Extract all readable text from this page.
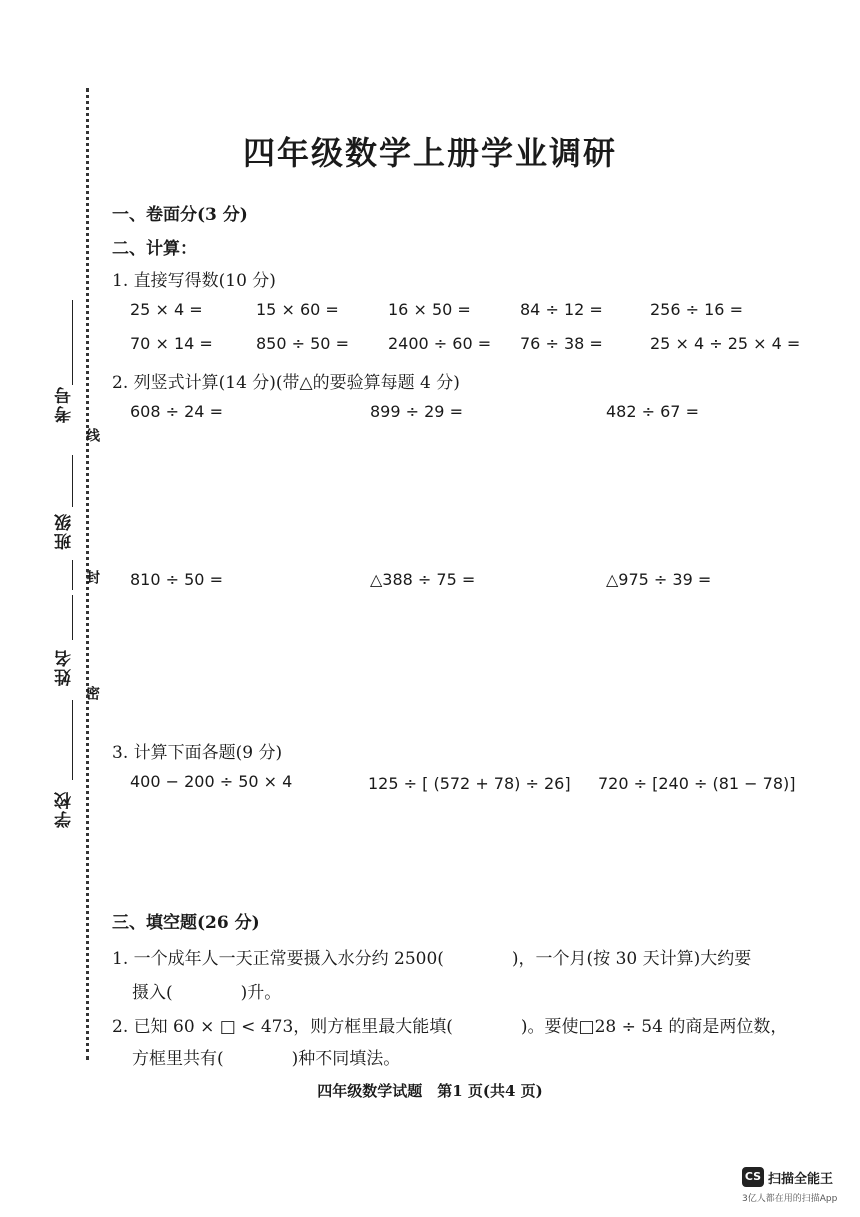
考号
线
班级
封
姓名
密
学校
四年级数学上册学业调研
一、卷面分(3 分)
二、计算：
1. 直接写得数(10 分)
25 × 4 =	15 × 60 =	16 × 50 =	84 ÷ 12 =	256 ÷ 16 =
70 × 14 =	850 ÷ 50 = 2400 ÷ 60 = 76 ÷ 38 =	25 × 4 ÷ 25 × 4 =
2. 列竖式计算(14 分)(带△的要验算每题 4 分)
608 ÷ 24 =	899 ÷ 29 =	482 ÷ 67 =
810 ÷ 50 =	△388 ÷ 75 =	△975 ÷ 39 =
3. 计算下面各题(9 分)
400 − 200 ÷ 50 × 4	125 ÷ [ (572 + 78) ÷ 26] 720 ÷ [240 ÷ (81 − 78)]
三、填空题(26 分)
1. 一个成年人一天正常要摄入水分约 2500(　　　　)，一个月(按 30 天计算)大约要
摄入(　　　　)升。
2. 已知 60 × □ < 473，则方框里最大能填(　　　　)。要使□28 ÷ 54 的商是两位数，
方框里共有(　　　　)种不同填法。
四年级数学试题　第1 页(共4 页)
CS 扫描全能王
3亿人都在用的扫描App
